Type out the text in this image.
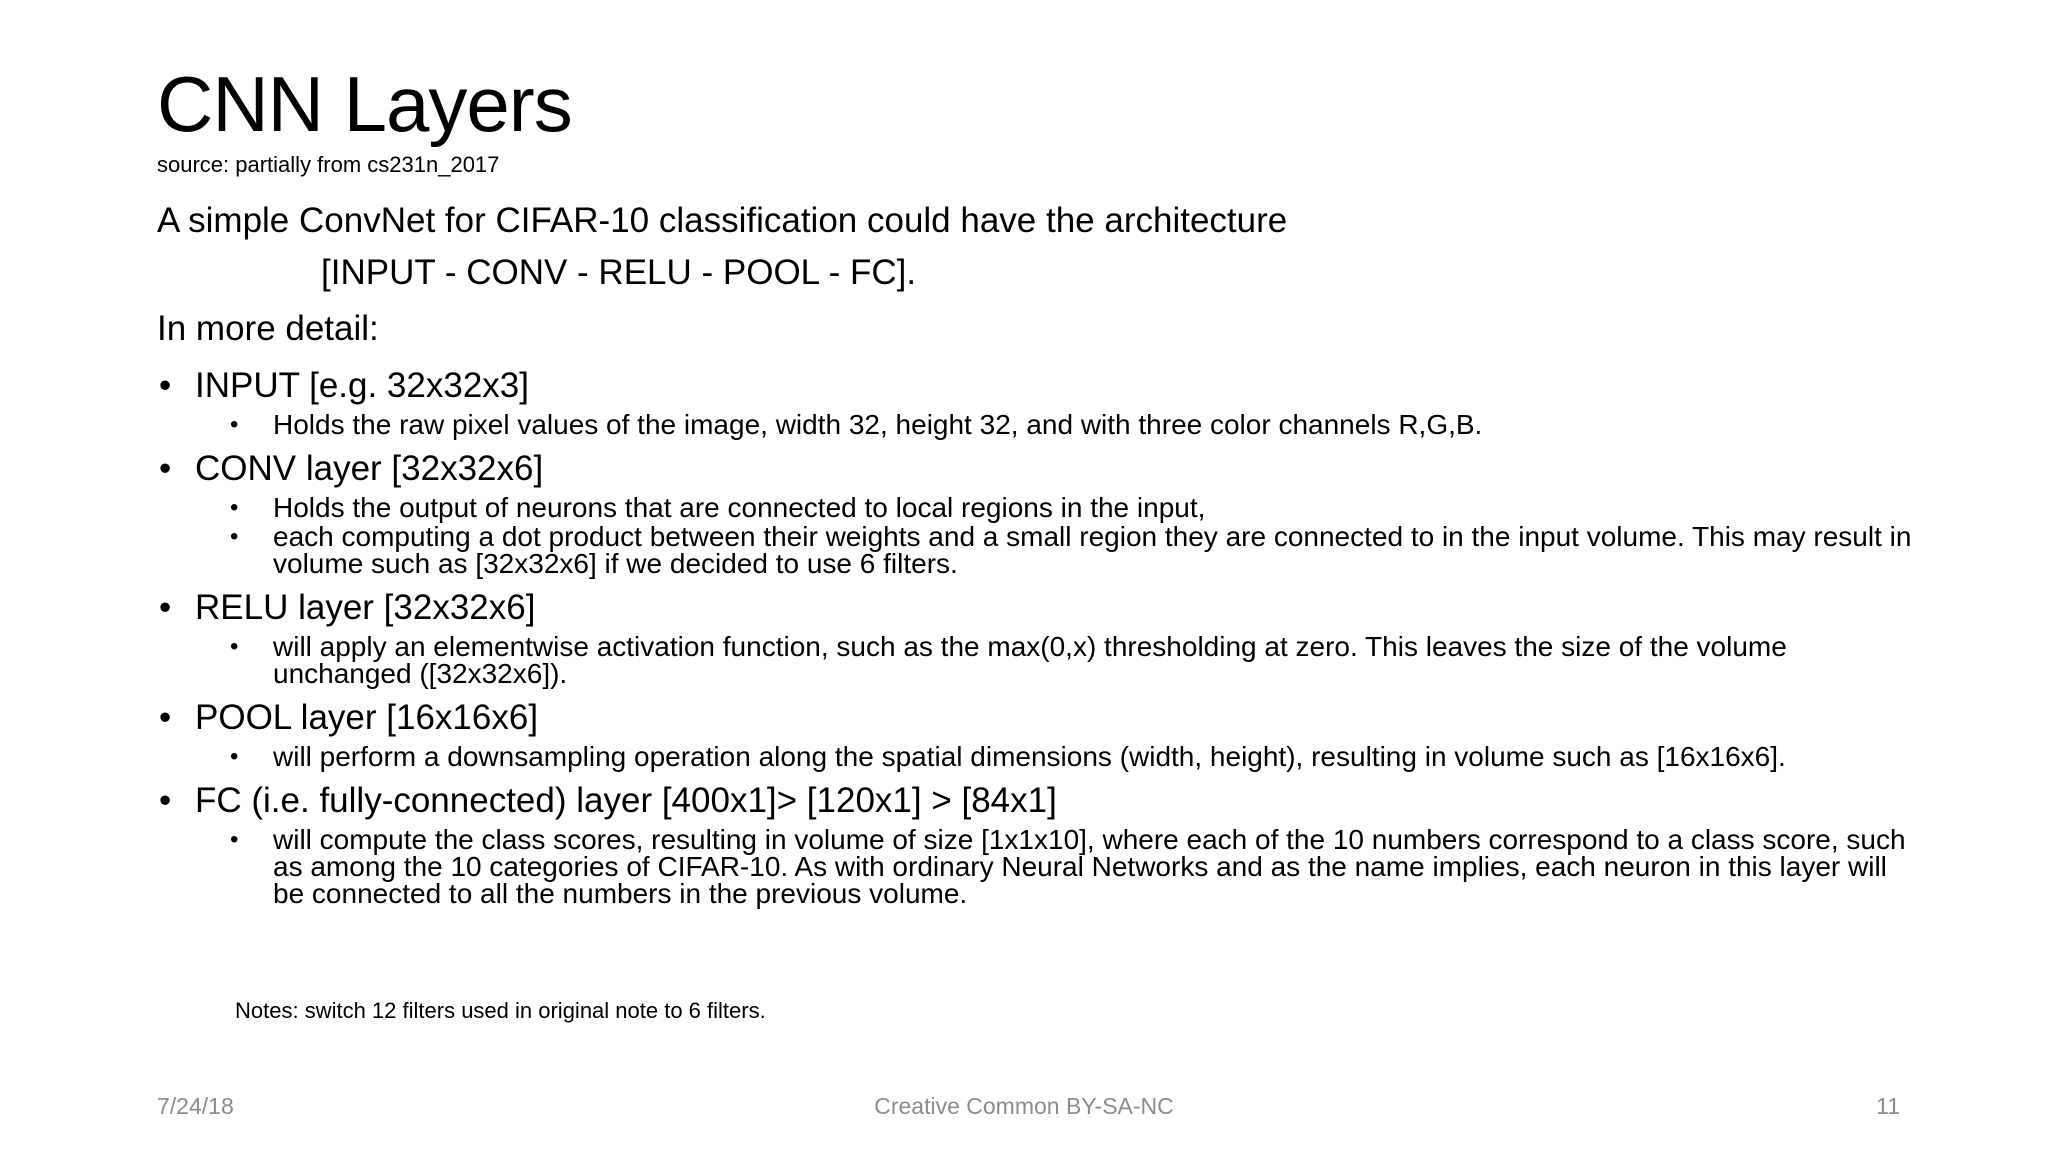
CNN Layers
source: partially from cs231n_2017
A simple ConvNet for CIFAR-10 classification could have the architecture
[INPUT - CONV - RELU - POOL - FC].
In more detail:
• INPUT [e.g. 32x32x3]
• Holds the raw pixel values of the image, width 32, height 32, and with three color channels R,G,B.
• CONV layer [32x32x6]
• Holds the output of neurons that are connected to local regions in the input,
• each computing a dot product between their weights and a small region they are connected to in the input volume. This may result in volume such as [32x32x6] if we decided to use 6 filters.
• RELU layer [32x32x6]
• will apply an elementwise activation function, such as the max(0,x) thresholding at zero. This leaves the size of the volume unchanged ([32x32x6]).
• POOL layer [16x16x6]
• will perform a downsampling operation along the spatial dimensions (width, height), resulting in volume such as [16x16x6].
• FC (i.e. fully-connected) layer [400x1]> [120x1] > [84x1]
• will compute the class scores, resulting in volume of size [1x1x10], where each of the 10 numbers correspond to a class score, such as among the 10 categories of CIFAR-10. As with ordinary Neural Networks and as the name implies, each neuron in this layer will be connected to all the numbers in the previous volume.
Notes: switch 12 filters used in original note to 6 filters.
7/24/18	Creative Common BY-SA-NC	11
